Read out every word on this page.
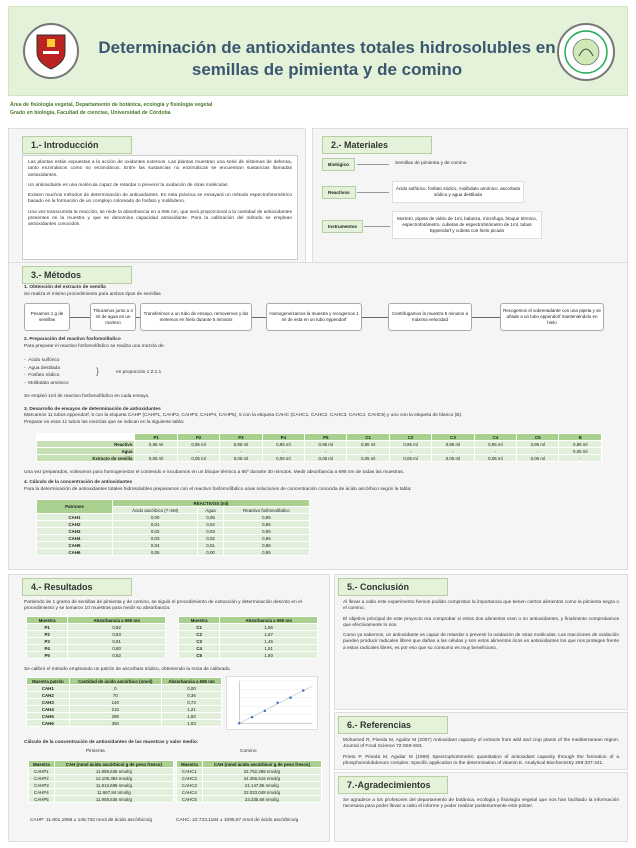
Determinación de antioxidantes totales hidrosolubles en semillas de pimienta y de comino
Área de fisiología vegetal, Departamento de botánica, ecología y fisiología vegetal
Grado en biología, Facultad de ciencias, Universidad de Córdoba
1.- Introducción

Las plantas están expuestas a la acción de oxidantes externos. Las plantas muestran una serie de sistemas de defensa, tanto enzimáticos como no enzimáticos. Entre las sustancias no enzimáticas se encuentran sustancias llamadas antioxidantes.

Un antioxidante es una molécula capaz de retardar o prevenir la oxidación de otras moléculas.

Existen muchos métodos de determinación de antioxidantes. En esta práctica se ensayará un método espectrofotométrico basado en la formación de un complejo coloreado de fosfato y molibdeno.

Una vez transcurrida la reacción, se mide la absorbancia en a 695 nm, que será proporcional a la cantidad de antioxidantes presentes en la muestra y que se denomina capacidad antioxidante. Para la calibración del método se emplean antioxidantes conocidos.

2.- Materiales
Biológico	Semillas de pimienta y de comino
Reactivos
Ácido sulfúrico, fosfato sódico, molibdato amónico, ascorbato sódico y agua destilada
Instrumentos
Mortero, pipeta de vidrio de 1ml, balanza, microfuga, bloque térmico, espectrofotómetro, cubetas de espectrofotómetro de 1ml, tubos Eppendorf y cubeta con hielo picado
3.- Métodos
1. Obtención del extracto de semilla
Se realiza el mismo procedimiento para ambos tipos de semillas
Pesamos 1 g de semillas
Trituramos junto a 4 ml de agua en un mortero
Transferimos a un tubo de ensayo, removemos y las metemos en hielo durante 5 minutos
Homogeneizamos la muestra y recogemos 1 ml de esta en un tubo eppendorf
Centrifugamos la muestra 5 minutos a máxima velocidad
Recogemos el sobrenadante con una pipeta y se añade a un tubo eppendorf manteniéndolo en hielo
2. Preparación del reactivo fosfomolíbdico
Para preparar el reactivo fosfomolíbdico se realiza una mezcla de:
-  Ácido sulfúrico
-  Agua destilada
-  Fosfato sódico
-  Molibdato amónico
}	en proporción 1:2:1:1
Se empleó 1ml de reactivo fosfomolíbdico en cada ensayo.
3. Desarrollo de ensayos de determinación de antioxidantes
Marcamos 11 tubos eppendorf, 5 con la etiqueta CAHP (CAHP1, CAHP2, CAHP3, CAHP4, CAHP5), 5 con la etiqueta CAHC (CAHC1, CAHC2, CAHC3, CAHC4, CAHC5) y uno con la etiqueta de blanco (B).
Preparar en esos 11 tubos las mezclas que se indican en la siguiente tabla:
	P1	P2	P3	P4	P5	C1	C2	C3	C4	C5	B
Reactivo	0,95 ml	0,95 ml	0,95 ml	0,95 ml	0,95 ml	0,95 ml	0,95 ml	0,95 ml	0,95 ml	0,95 ml	0,95 ml
Agua	-	-	-	-	-	-	-	-	-	-	0,05 ml
Extracto de semilla	0,05 ml	0,05 ml	0,05 ml	0,05 ml	0,05 ml	0,05 ml	0,05 ml	0,05 ml	0,05 ml	0,05 ml	-
Una vez preparados, volteamos para homogeneizar el contenido e incubamos en un bloque térmico a 65º durante 30 minutos. Medir absorbancia a 695 nm de todas las muestras.
4. Cálculo de la concentración de antioxidantes
Para la determinación de antioxidantes totales hidrosolubles preparamos con el reactivo fosfomolíbdico unas soluciones de concentración conocida de ácido ascórbico según la tabla:
Patrones	REACTIVOS (ml)		
	Ácido ascórbico (7 mM)	Agua	Reactivo fosfomolíbdico
CAH1	0,00	0,05	0,95
CAH2	0,01	0,04	0,95
CAH3	0,02	0,03	0,95
CAH4	0,03	0,02	0,95
CAH5	0,04	0,01	0,95
CAH6	0,05	0,00	0,95
4.- Resultados
Partiendo de 1 gramo de semillas de pimienta y de comino, se siguió el procedimiento de extracción y determinación descrito en el procedimiento y se tomaron 10 muestras para medir su absorbancia:
Muestra	Absorbancia a 695 nm
P1	0,82
P2	0,83
P3	0,81
P4	0,80
P5	0,82
Muestra	Absorbancia a 695 nm
C1	1,56
C2	1,67
C3	1,45
C4	1,51
C5	1,60
Se calibró el método empleando un patrón de ascorbato sódico, obteniendo la recta de calibrado.
Muestra patrón	Cantidad de ácido ascórbico (nmol)	Absorbancia a 695 nm
CAH1	0	0,00
CAH2	70	0,36
CAH3	140	0,73
CAH4	210	1,21
CAH5	280	1,50
CAH6	350	1,93
Cálculo de la concentración de antioxidantes de las muestras y valor medio:
Pimienta	Comino
Muestra	CAH (nmol ácido ascórbico/ g de peso fresco)
CAHP1	11.959,536 nmol/g
CAHP2	12.105,384 nmol/g
CAHP3	11.813,688 nmol/g
CAHP4	11.667,84 nmol/g
CAHP5	11.959,536 nmol/g
Muestra	CAH (nmol ácido ascórbico/ g de peso fresco)
CAHC1	22.752,288 nmol/g
CAHC2	24.356,616 nmol/g
CAHC3	21.147,96 nmol/g
CAHC4	22.023,048 nmol/g
CAHC5	23.335,68 nmol/g
CAHP: 11.901,1968 ± 148,732 nmol de ácido ascórbico/g	CAHC: 22.723,1184 ± 1096,87 nmol de ácido ascórbico/g
5.- Conclusión

Al llevar a cabo este experimento hemos podido comprobar la importancia que tienen ciertos alimentos como la pimienta negra o el comino.

El objetivo principal de este proyecto era comprobar si estos dos alimentos eran o no antioxidantes, y finalmente comprobamos que efectivamente lo son.

Como ya sabemos, un antioxidante es capaz de retardar o prevenir la oxidación de otras moléculas. Las reacciones de oxidación pueden producir radicales libres que dañan a las células y son estos alimentos ricos en antioxidantes los que nos protegen frente a estos radicales libres, es por eso que su consumo es muy beneficioso.

6.- Referencias

Mohamed R, Pineda M, Aguilar M (2007) Antioxidant capacity of extracts from wild and crop plants of the mediterranean region. Journal of Food Science 72:S59-S63.

Prieto P, Pineda M, Aguilar M (1999) Spectrophotometric quantitation of antioxidant capacity through the formation of a phosphomolubdenum complex: Specific application to the determination of vitamin E. Analytical Biochemistry 269:337-341.

7.-Agradecimientos
Se agradece a los profesores del departamento de botánica, ecología y fisiología vegetal que nos han facilitado la información necesaria para poder llevar a cabo el informe y poder realizar posteriormente este póster.
